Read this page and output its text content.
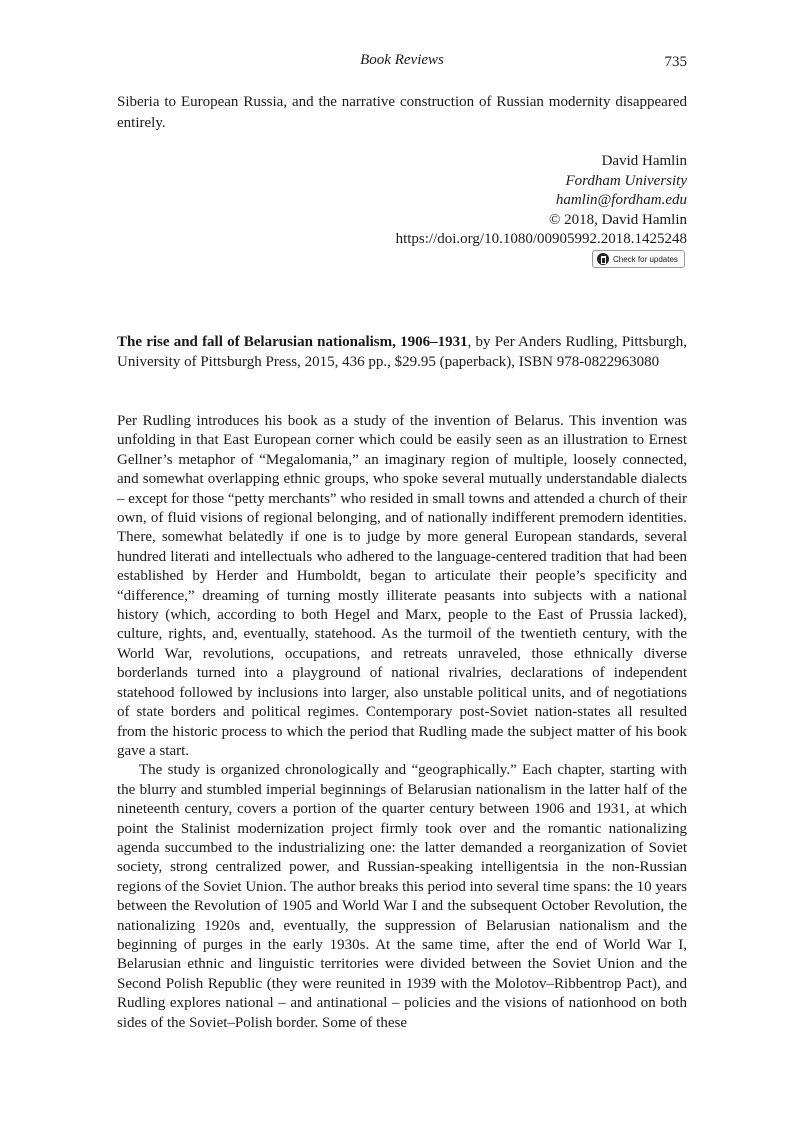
Book Reviews	735
Siberia to European Russia, and the narrative construction of Russian modernity disappeared entirely.
David Hamlin
Fordham University
hamlin@fordham.edu
© 2018, David Hamlin
https://doi.org/10.1080/00905992.2018.1425248
Check for updates
The rise and fall of Belarusian nationalism, 1906–1931, by Per Anders Rudling, Pittsburgh, University of Pittsburgh Press, 2015, 436 pp., $29.95 (paperback), ISBN 978-0822963080

Per Rudling introduces his book as a study of the invention of Belarus. This invention was unfolding in that East European corner which could be easily seen as an illustration to Ernest Gellner’s metaphor of “Megalomania,” an imaginary region of multiple, loosely connected, and somewhat overlapping ethnic groups, who spoke several mutually understandable dialects – except for those “petty merchants” who resided in small towns and attended a church of their own, of fluid visions of regional belonging, and of nationally indifferent premodern identities. There, somewhat belatedly if one is to judge by more general European standards, several hundred literati and intellectuals who adhered to the language-centered tradition that had been established by Herder and Humboldt, began to articulate their people’s specificity and “difference,” dreaming of turning mostly illiterate peasants into subjects with a national history (which, according to both Hegel and Marx, people to the East of Prussia lacked), culture, rights, and, eventually, statehood. As the turmoil of the twentieth century, with the World War, revolutions, occupations, and retreats unraveled, those ethnically diverse borderlands turned into a playground of national rivalries, declarations of independent statehood followed by inclusions into larger, also unstable political units, and of negotiations of state borders and political regimes. Contemporary post-Soviet nation-states all resulted from the historic process to which the period that Rudling made the subject matter of his book gave a start.

The study is organized chronologically and “geographically.” Each chapter, starting with the blurry and stumbled imperial beginnings of Belarusian nationalism in the latter half of the nineteenth century, covers a portion of the quarter century between 1906 and 1931, at which point the Stalinist modernization project firmly took over and the romantic nationalizing agenda succumbed to the industrializing one: the latter demanded a reorganization of Soviet society, strong centralized power, and Russian-speaking intelligentsia in the non-Russian regions of the Soviet Union. The author breaks this period into several time spans: the 10 years between the Revolution of 1905 and World War I and the subsequent October Revolution, the nationalizing 1920s and, eventually, the suppression of Belarusian nationalism and the beginning of purges in the early 1930s. At the same time, after the end of World War I, Belarusian ethnic and linguistic territories were divided between the Soviet Union and the Second Polish Republic (they were reunited in 1939 with the Molotov–Ribbentrop Pact), and Rudling explores national – and antinational – policies and the visions of nationhood on both sides of the Soviet–Polish border. Some of these
